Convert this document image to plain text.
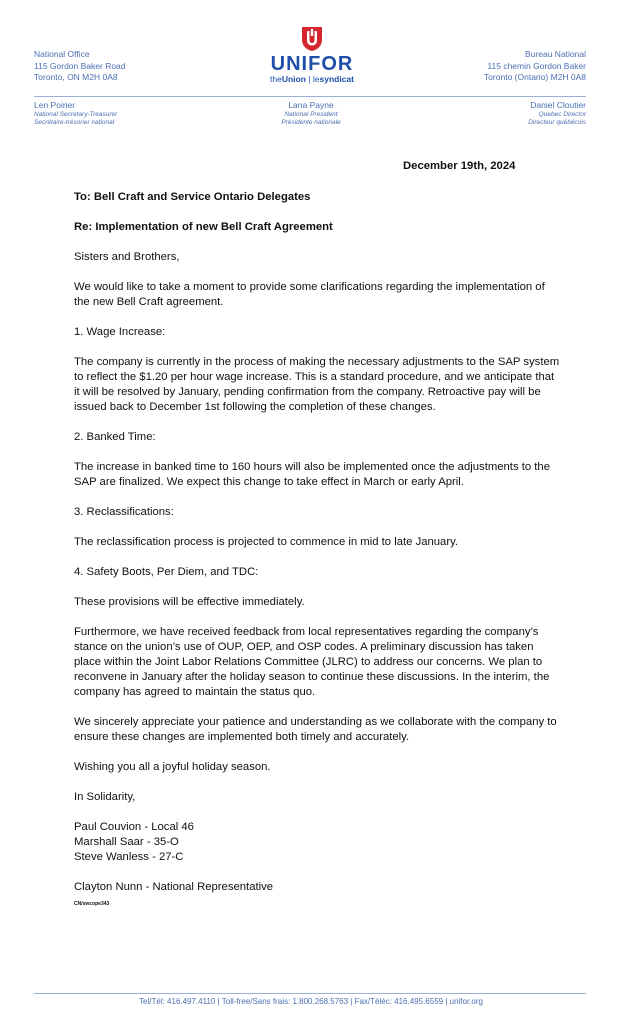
National Office
115 Gordon Baker Road
Toronto, ON M2H 0A8
UNIFOR
theUnion | lesyndicat
Bureau National
115 chemin Gordon Baker
Toronto (Ontario) M2H 0A8
Len Poirier
National Secretary-Treasurer
Secrétaire-trésorier national
Lana Payne
National President
Présidente nationale
Daniel Cloutier
Quebec Director
Directeur québécois
December 19th, 2024

To: Bell Craft and Service Ontario Delegates

Re: Implementation of new Bell Craft Agreement

Sisters and Brothers,

We would like to take a moment to provide some clarifications regarding the implementation of the new Bell Craft agreement.

1. Wage Increase:

The company is currently in the process of making the necessary adjustments to the SAP system to reflect the $1.20 per hour wage increase. This is a standard procedure, and we anticipate that it will be resolved by January, pending confirmation from the company. Retroactive pay will be issued back to December 1st following the completion of these changes.

2. Banked Time:

The increase in banked time to 160 hours will also be implemented once the adjustments to the SAP are finalized. We expect this change to take effect in March or early April.

3. Reclassifications:

The reclassification process is projected to commence in mid to late January.

4. Safety Boots, Per Diem, and TDC:

These provisions will be effective immediately.

Furthermore, we have received feedback from local representatives regarding the company’s stance on the union’s use of OUP, OEP, and OSP codes. A preliminary discussion has taken place within the Joint Labor Relations Committee (JLRC) to address our concerns. We plan to reconvene in January after the holiday season to continue these discussions. In the interim, the company has agreed to maintain the status quo.

We sincerely appreciate your patience and understanding as we collaborate with the company to ensure these changes are implemented both timely and accurately.

Wishing you all a joyful holiday season.

In Solidarity,

Paul Couvion - Local 46
Marshall Saar - 35-O
Steve Wanless - 27-C
Clayton Nunn - National Representative
CN/swcope343
Tel/Tél: 416.497.4110 | Toll-free/Sans frais: 1.800.268.5763 | Fax/Téléc: 416.495.6559 | unifor.org
